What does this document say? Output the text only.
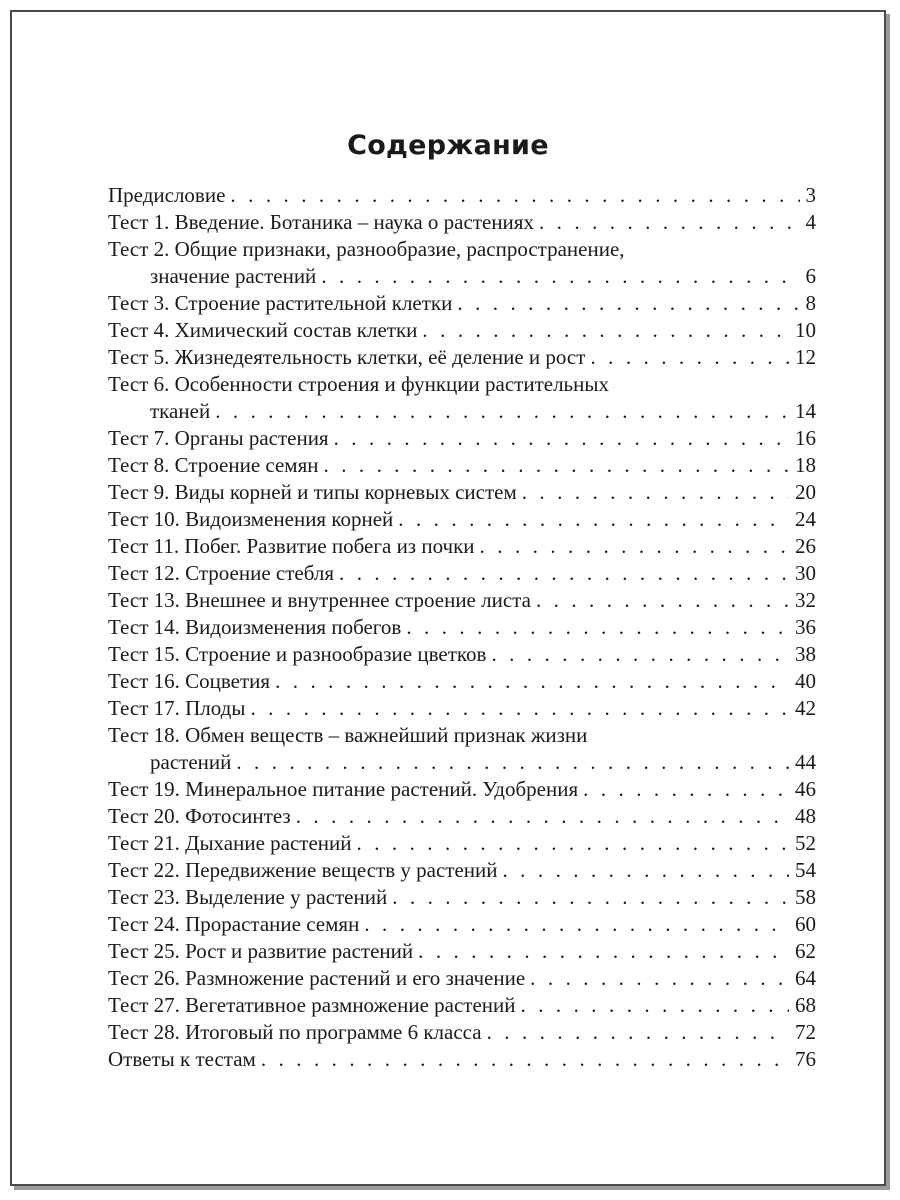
Содержание
Предисловие . . .	3
Тест 1. Введение. Ботаника – наука о растениях . . .	4
Тест 2. Общие признаки, разнообразие, распространение,
значение растений . . .	6
Тест 3. Строение растительной клетки . . .	8
Тест 4. Химический состав клетки . . .	10
Тест 5. Жизнедеятельность клетки, её деление и рост . . .	12
Тест 6. Особенности строения и функции растительных
тканей . . .	14
Тест 7. Органы растения . . .	16
Тест 8. Строение семян . . .	18
Тест 9. Виды корней и типы корневых систем . . .	20
Тест 10. Видоизменения корней . . .	24
Тест 11. Побег. Развитие побега из почки . . .	26
Тест 12. Строение стебля . . .	30
Тест 13. Внешнее и внутреннее строение листа . . .	32
Тест 14. Видоизменения побегов . . .	36
Тест 15. Строение и разнообразие цветков . . .	38
Тест 16. Соцветия . . .	40
Тест 17. Плоды . . .	42
Тест 18. Обмен веществ – важнейший признак жизни
растений . . .	44
Тест 19. Минеральное питание растений. Удобрения . . .	46
Тест 20. Фотосинтез . . .	48
Тест 21. Дыхание растений . . .	52
Тест 22. Передвижение веществ у растений . . .	54
Тест 23. Выделение у растений . . .	58
Тест 24. Прорастание семян . . .	60
Тест 25. Рост и развитие растений . . .	62
Тест 26. Размножение растений и его значение . . .	64
Тест 27. Вегетативное размножение растений . . .	68
Тест 28. Итоговый по программе 6 класса . . .	72
Ответы к тестам . . .	76
